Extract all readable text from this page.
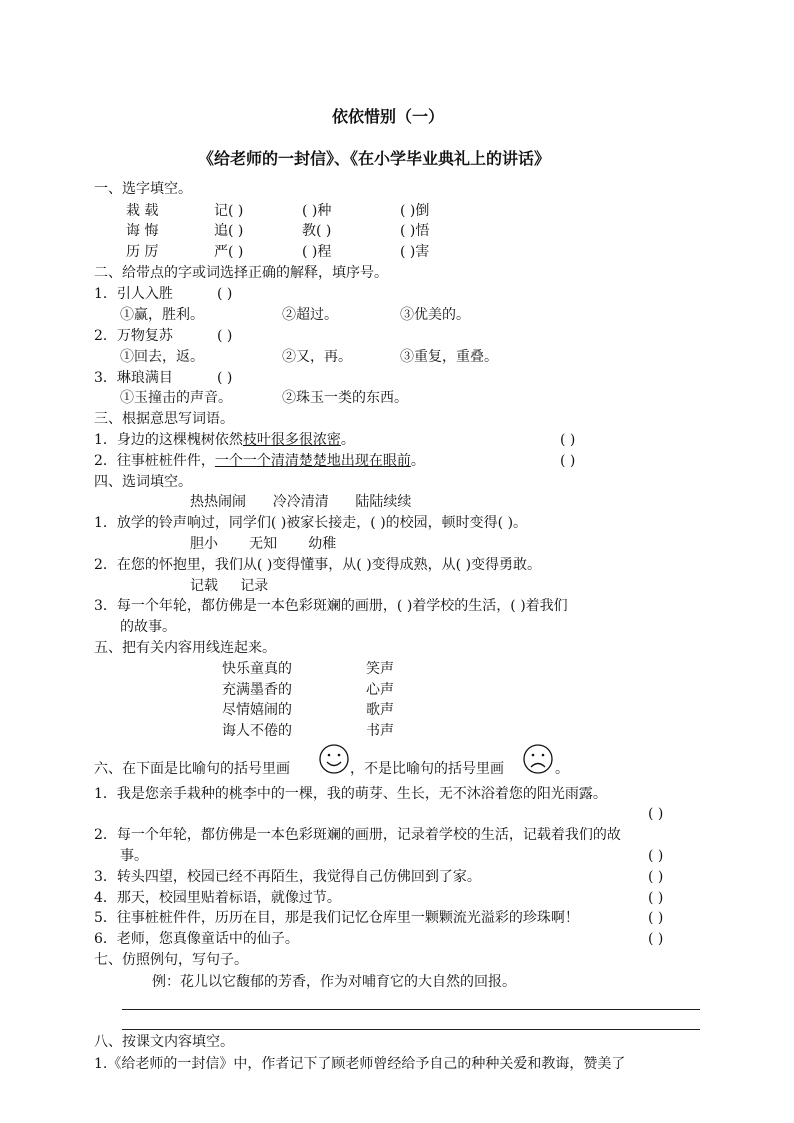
依依惜别（一）
《给老师的一封信》、《在小学毕业典礼上的讲话》
一、选字填空。
栽 载	记( )	( )种	( )倒
诲 悔	追( )	教( )	( )悟
历 厉	严( )	( )程	( )害
二、给带点的字或词选择正确的解释，填序号。
1．引人入胜	( )
①赢，胜利。	②超过。	③优美的。
2．万物复苏	( )
①回去，返。	②又，再。	③重复，重叠。
3．琳琅满目	( )
①玉撞击的声音。	②珠玉一类的东西。
三、根据意思写词语。
1．身边的这棵槐树依然枝叶很多很浓密。	( )
2．往事桩桩件件，一个一个清清楚楚地出现在眼前。	( )
四、选词填空。
热热闹闹      冷冷清清      陆陆续续
1．放学的铃声响过，同学们( )被家长接走，( )的校园，顿时变得( )。
胆小       无知       幼稚
2．在您的怀抱里，我们从( )变得懂事，从( )变得成熟，从( )变得勇敢。
记载     记录
3．每一个年轮，都仿佛是一本色彩斑斓的画册，( )着学校的生活，( )着我们
的故事。
五、把有关内容用线连起来。
快乐童真的	笑声
充满墨香的	心声
尽情嬉闹的	歌声
诲人不倦的	书声
六、在下面是比喻句的括号里画	，不是比喻句的括号里画	。
1．我是您亲手栽种的桃李中的一棵，我的萌芽、生长，无不沐浴着您的阳光雨露。
( )
2．每一个年轮，都仿佛是一本色彩斑斓的画册，记录着学校的生活，记载着我们的故
事。	( )
3．转头四望，校园已经不再陌生，我觉得自己仿佛回到了家。	( )
4．那天，校园里贴着标语，就像过节。	( )
5．往事桩桩件件，历历在目，那是我们记忆仓库里一颗颗流光溢彩的珍珠啊！	( )
6．老师，您真像童话中的仙子。	( )
七、仿照例句，写句子。
例：花儿以它馥郁的芳香，作为对哺育它的大自然的回报。
八、按课文内容填空。
1.《给老师的一封信》中，作者记下了顾老师曾经给予自己的种种关爱和教诲，赞美了
